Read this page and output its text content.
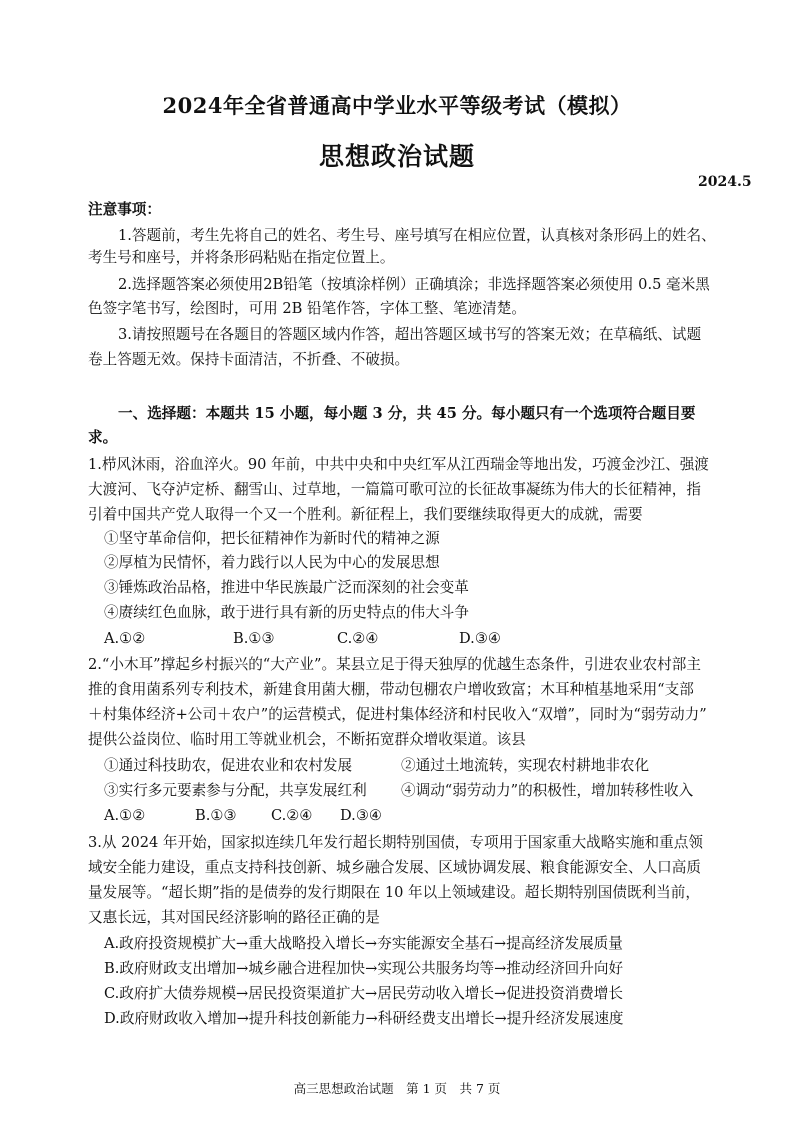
2024年全省普通高中学业水平等级考试（模拟）
思想政治试题
2024.5
注意事项：
1.答题前，考生先将自己的姓名、考生号、座号填写在相应位置，认真核对条形码上的姓名、
考生号和座号，并将条形码粘贴在指定位置上。
2.选择题答案必须使用2B铅笔（按填涂样例）正确填涂；非选择题答案必须使用 0.5 毫米黑
色签字笔书写，绘图时，可用 2B 铅笔作答，字体工整、笔迹清楚。
3.请按照题号在各题目的答题区域内作答，超出答题区域书写的答案无效；在草稿纸、试题
卷上答题无效。保持卡面清洁，不折叠、不破损。
一、选择题：本题共 15 小题，每小题 3 分，共 45 分。每小题只有一个选项符合题目要
求。
1.栉风沐雨，浴血淬火。90 年前，中共中央和中央红军从江西瑞金等地出发，巧渡金沙江、强渡
大渡河、飞夺泸定桥、翻雪山、过草地，一篇篇可歌可泣的长征故事凝练为伟大的长征精神，指
引着中国共产党人取得一个又一个胜利。新征程上，我们要继续取得更大的成就，需要
①坚守革命信仰，把长征精神作为新时代的精神之源
②厚植为民情怀，着力践行以人民为中心的发展思想
③锤炼政治品格，推进中华民族最广泛而深刻的社会变革
④赓续红色血脉，敢于进行具有新的历史特点的伟大斗争
A.①②	B.①③	C.②④	D.③④
2.“小木耳”撑起乡村振兴的“大产业”。某县立足于得天独厚的优越生态条件，引进农业农村部主
推的食用菌系列专利技术，新建食用菌大棚，带动包棚农户增收致富；木耳种植基地采用“支部
＋村集体经济+公司＋农户”的运营模式，促进村集体经济和村民收入“双增”，同时为“弱劳动力”
提供公益岗位、临时用工等就业机会，不断拓宽群众增收渠道。该县
①通过科技助农，促进农业和农村发展	②通过土地流转，实现农村耕地非农化
③实行多元要素参与分配，共享发展红利 ④调动“弱劳动力”的积极性，增加转移性收入
A.①②	B.①③ C.②④ D.③④
3.从 2024 年开始，国家拟连续几年发行超长期特别国债，专项用于国家重大战略实施和重点领
域安全能力建设，重点支持科技创新、城乡融合发展、区域协调发展、粮食能源安全、人口高质
量发展等。“超长期”指的是债券的发行期限在 10 年以上领域建设。超长期特别国债既利当前，
又惠长远，其对国民经济影响的路径正确的是
A.政府投资规模扩大→重大战略投入增长→夯实能源安全基石→提高经济发展质量
B.政府财政支出增加→城乡融合进程加快→实现公共服务均等→推动经济回升向好
C.政府扩大债券规模→居民投资渠道扩大→居民劳动收入增长→促进投资消费增长
D.政府财政收入增加→提升科技创新能力→科研经费支出增长→提升经济发展速度
高三思想政治试题　第 1 页　共 7 页
